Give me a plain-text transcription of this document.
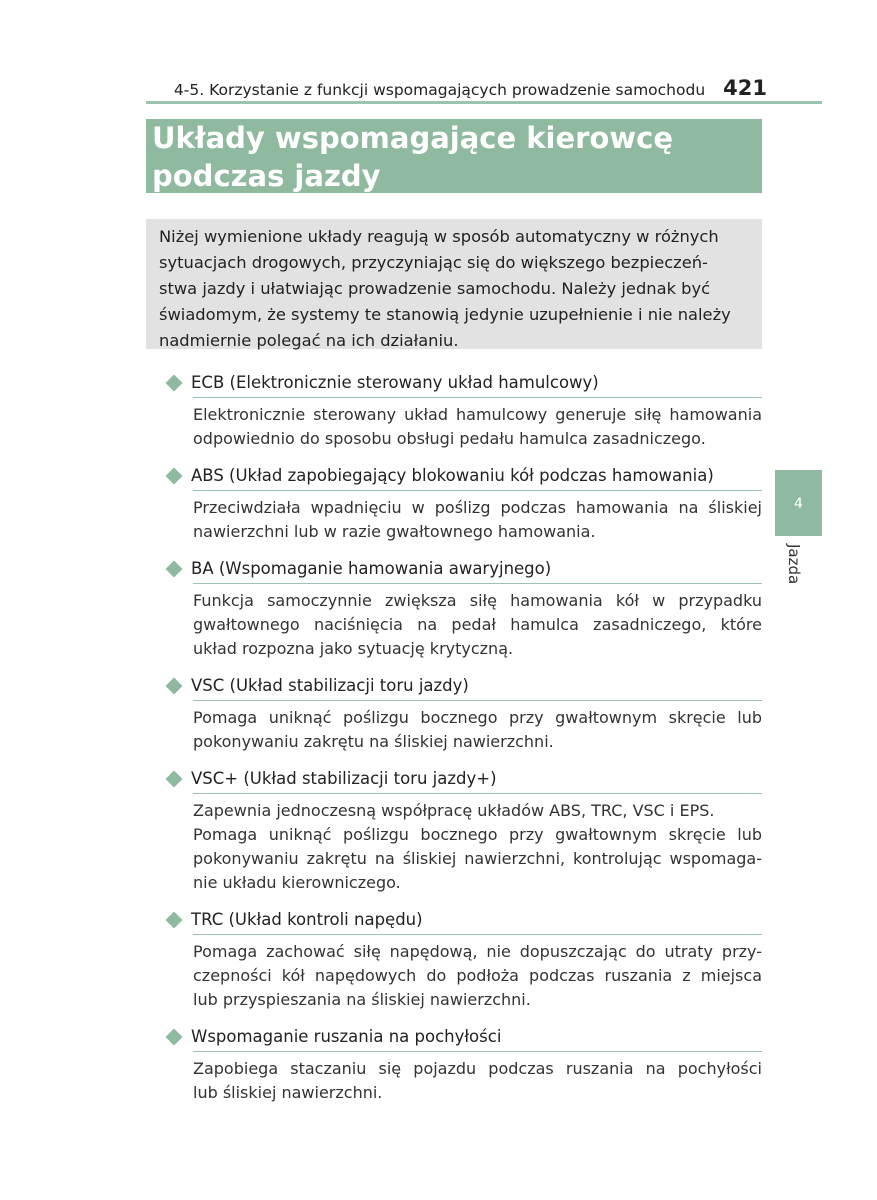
4-5. Korzystanie z funkcji wspomagających prowadzenie samochodu 421
Układy wspomagające kierowcę
podczas jazdy
Niżej wymienione układy reagują w sposób automatyczny w różnych
sytuacjach drogowych, przyczyniając się do większego bezpieczeń-
stwa jazdy i ułatwiając prowadzenie samochodu. Należy jednak być
świadomym, że systemy te stanowią jedynie uzupełnienie i nie należy
nadmiernie polegać na ich działaniu.
ECB (Elektronicznie sterowany układ hamulcowy)
Elektronicznie sterowany układ hamulcowy generuje siłę hamowania
odpowiednio do sposobu obsługi pedału hamulca zasadniczego.
ABS (Układ zapobiegający blokowaniu kół podczas hamowania)
Przeciwdziała wpadnięciu w poślizg podczas hamowania na śliskiej
nawierzchni lub w razie gwałtownego hamowania.
BA (Wspomaganie hamowania awaryjnego)
Funkcja samoczynnie zwiększa siłę hamowania kół w przypadku
gwałtownego naciśnięcia na pedał hamulca zasadniczego, które
układ rozpozna jako sytuację krytyczną.
VSC (Układ stabilizacji toru jazdy)
Pomaga uniknąć poślizgu bocznego przy gwałtownym skręcie lub
pokonywaniu zakrętu na śliskiej nawierzchni.
VSC+ (Układ stabilizacji toru jazdy+)
Zapewnia jednoczesną współpracę układów ABS, TRC, VSC i EPS.
Pomaga uniknąć poślizgu bocznego przy gwałtownym skręcie lub
pokonywaniu zakrętu na śliskiej nawierzchni, kontrolując wspomaga-
nie układu kierowniczego.
TRC (Układ kontroli napędu)
Pomaga zachować siłę napędową, nie dopuszczając do utraty przy-
czepności kół napędowych do podłoża podczas ruszania z miejsca
lub przyspieszania na śliskiej nawierzchni.
Wspomaganie ruszania na pochyłości
Zapobiega staczaniu się pojazdu podczas ruszania na pochyłości
lub śliskiej nawierzchni.
4
Jazda
